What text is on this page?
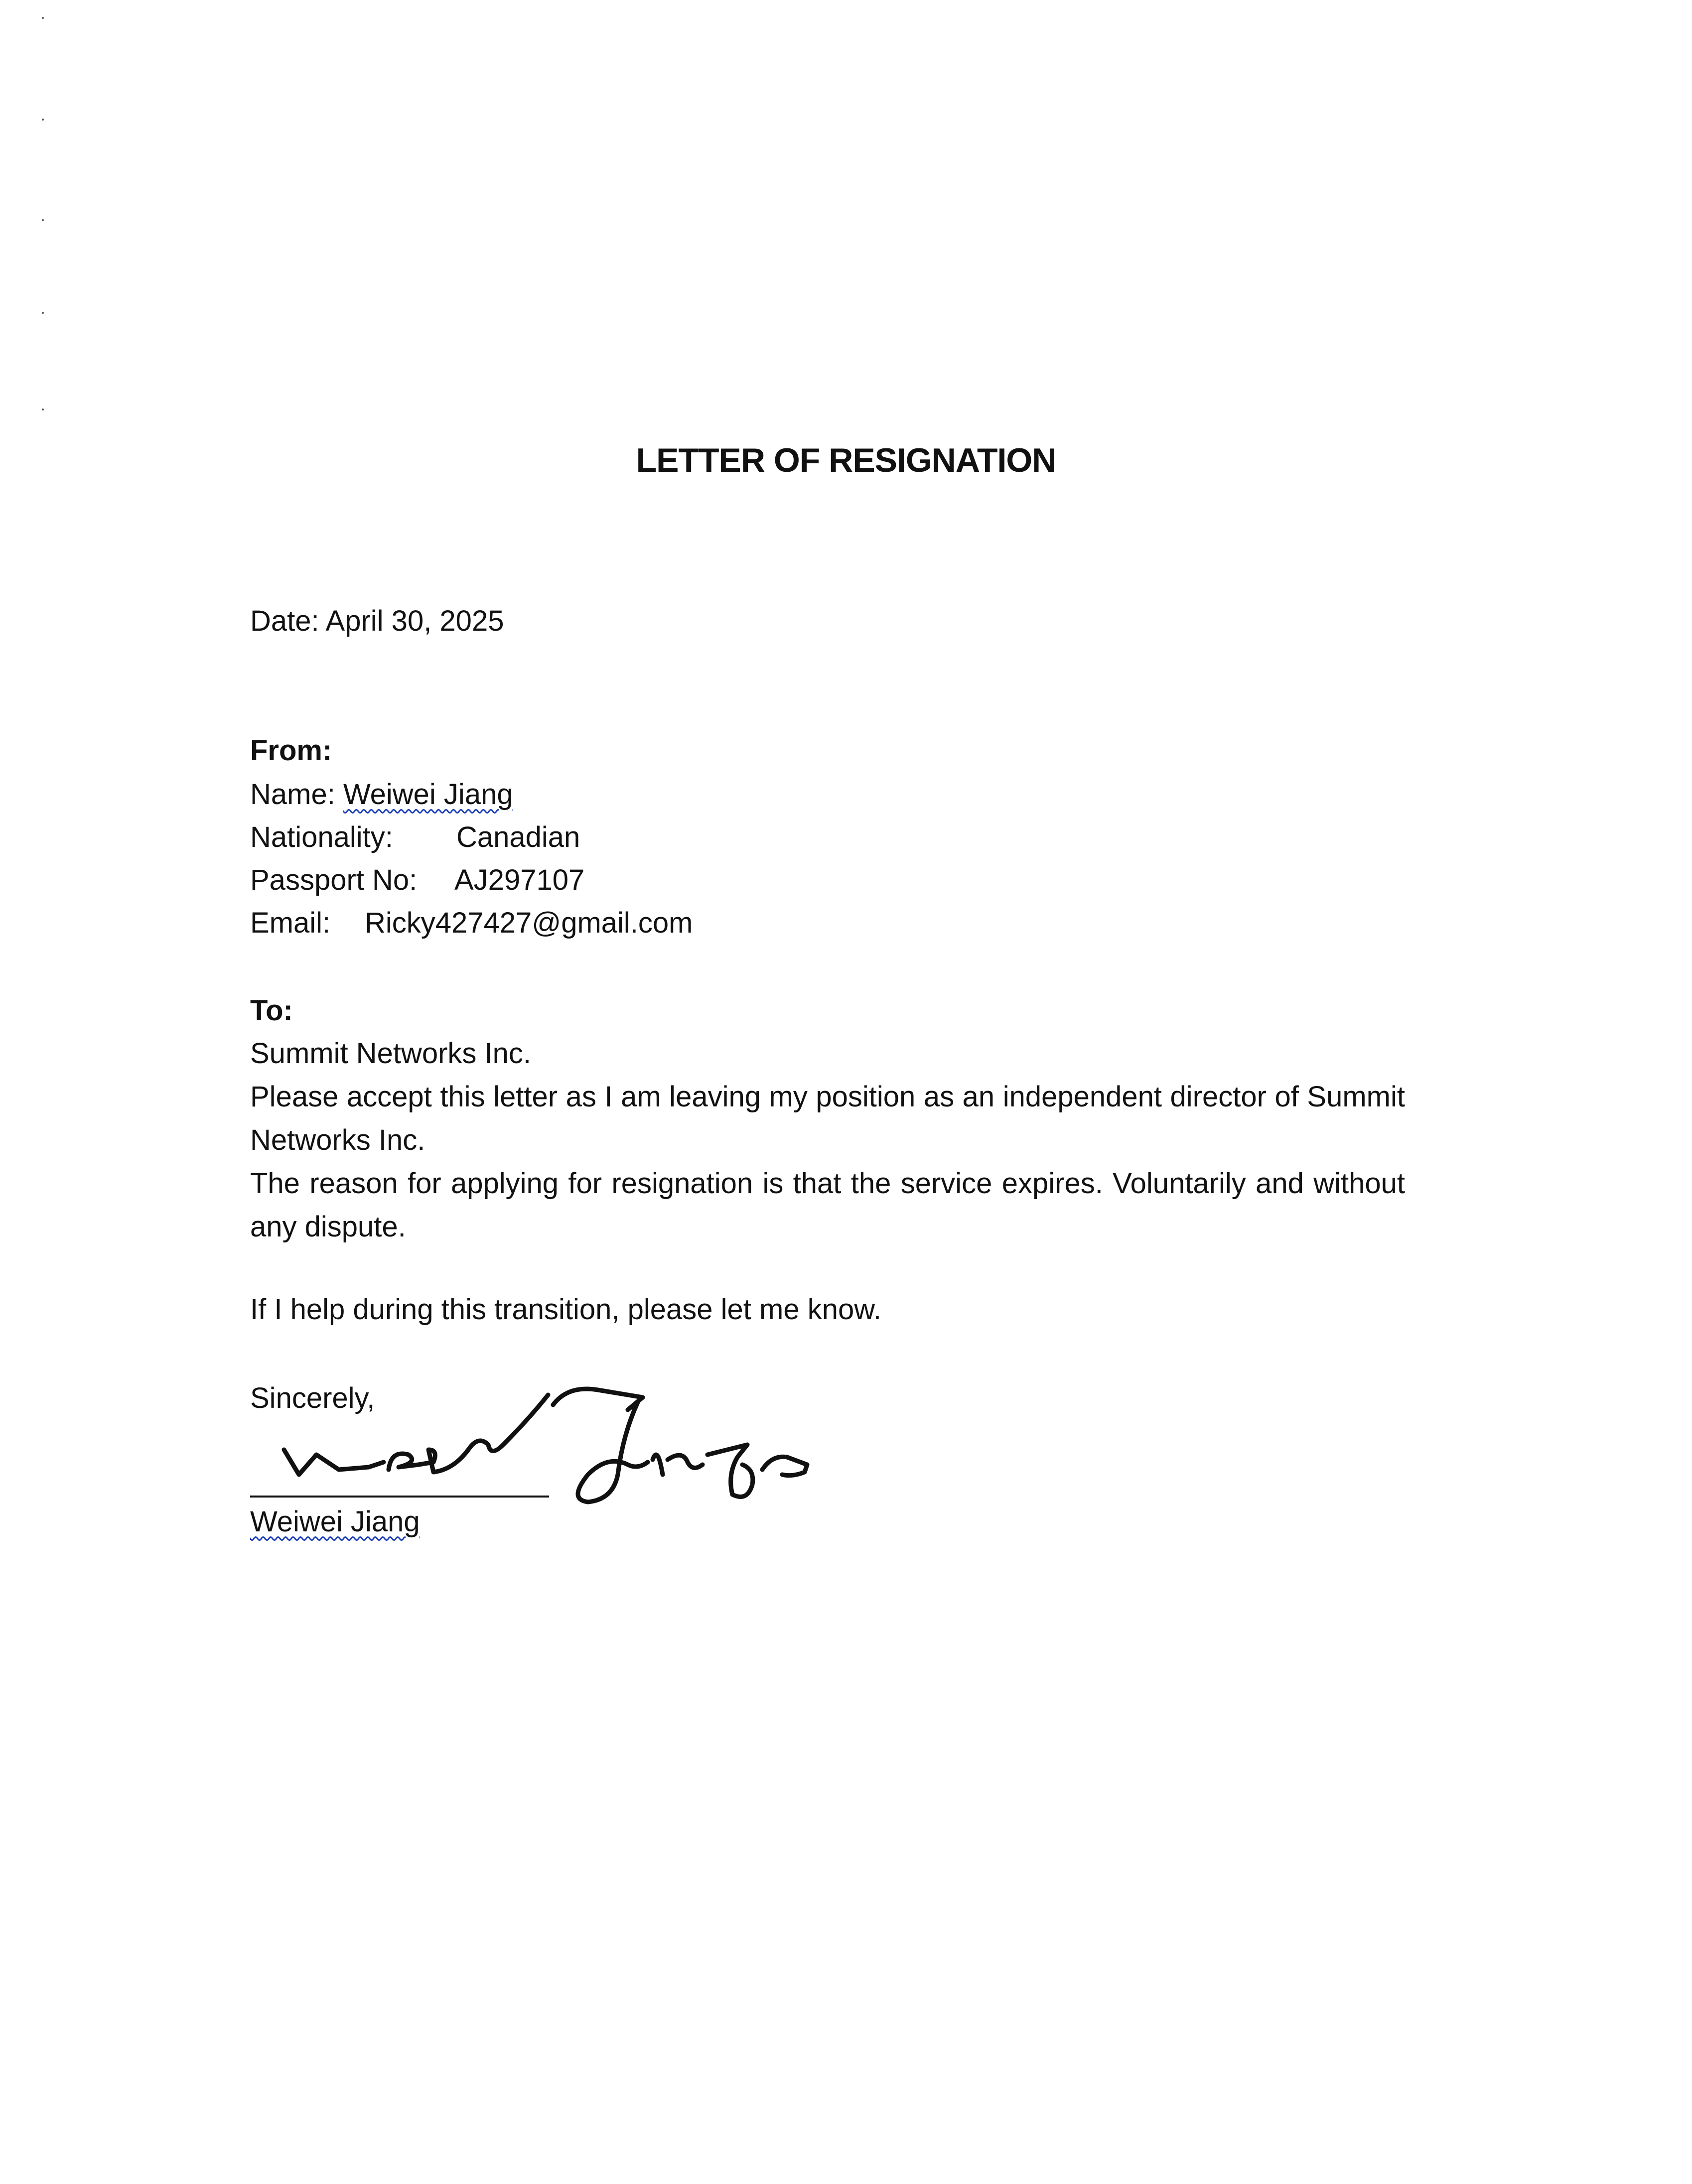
LETTER OF RESIGNATION
Date: April 30, 2025
From:
Name: Weiwei Jiang
Nationality: Canadian
Passport No: AJ297107
Email: Ricky427427@gmail.com
To:
Summit Networks Inc.
Please accept this letter as I am leaving my position as an independent director of Summit Networks Inc.
The reason for applying for resignation is that the service expires. Voluntarily and without any dispute.
If I help during this transition, please let me know.
Sincerely,
Weiwei Jiang
